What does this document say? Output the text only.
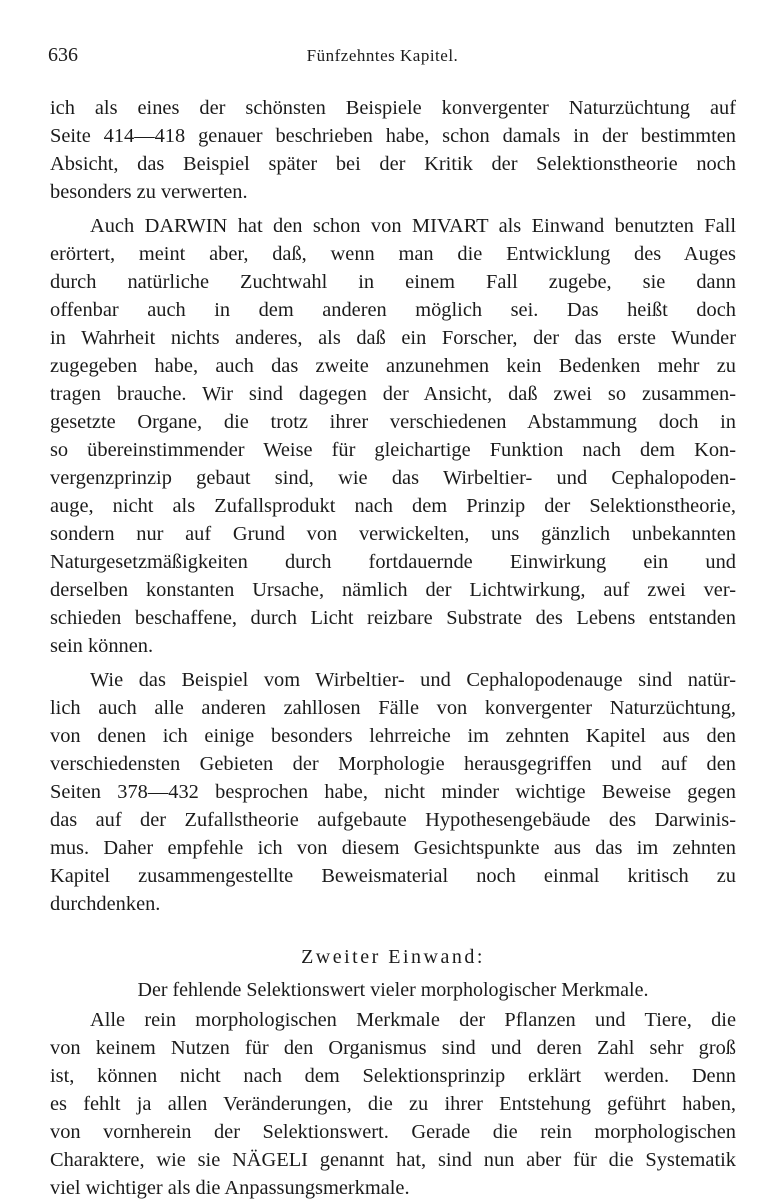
636	Fünfzehntes Kapitel.
ich als eines der schönsten Beispiele konvergenter Naturzüchtung auf
Seite 414—418 genauer beschrieben habe, schon damals in der bestimmten
Absicht, das Beispiel später bei der Kritik der Selektionstheorie noch
besonders zu verwerten.
Auch DARWIN hat den schon von MIVART als Einwand benutzten Fall
erörtert, meint aber, daß, wenn man die Entwicklung des Auges
durch natürliche Zuchtwahl in einem Fall zugebe, sie dann
offenbar auch in dem anderen möglich sei. Das heißt doch
in Wahrheit nichts anderes, als daß ein Forscher, der das erste Wunder
zugegeben habe, auch das zweite anzunehmen kein Bedenken mehr zu
tragen brauche. Wir sind dagegen der Ansicht, daß zwei so zusammen-
gesetzte Organe, die trotz ihrer verschiedenen Abstammung doch in
so übereinstimmender Weise für gleichartige Funktion nach dem Kon-
vergenzprinzip gebaut sind, wie das Wirbeltier- und Cephalopoden-
auge, nicht als Zufallsprodukt nach dem Prinzip der Selektionstheorie,
sondern nur auf Grund von verwickelten, uns gänzlich unbekannten
Naturgesetzmäßigkeiten durch fortdauernde Einwirkung ein und
derselben konstanten Ursache, nämlich der Lichtwirkung, auf zwei ver-
schieden beschaffene, durch Licht reizbare Substrate des Lebens entstanden
sein können.
Wie das Beispiel vom Wirbeltier- und Cephalopodenauge sind natür-
lich auch alle anderen zahllosen Fälle von konvergenter Naturzüchtung,
von denen ich einige besonders lehrreiche im zehnten Kapitel aus den
verschiedensten Gebieten der Morphologie herausgegriffen und auf den
Seiten 378—432 besprochen habe, nicht minder wichtige Beweise gegen
das auf der Zufallstheorie aufgebaute Hypothesengebäude des Darwinis-
mus. Daher empfehle ich von diesem Gesichtspunkte aus das im zehnten
Kapitel zusammengestellte Beweismaterial noch einmal kritisch zu
durchdenken.
Zweiter Einwand:
Der fehlende Selektionswert vieler morphologischer Merkmale.
Alle rein morphologischen Merkmale der Pflanzen und Tiere, die
von keinem Nutzen für den Organismus sind und deren Zahl sehr groß
ist, können nicht nach dem Selektionsprinzip erklärt werden. Denn
es fehlt ja allen Veränderungen, die zu ihrer Entstehung geführt haben,
von vornherein der Selektionswert. Gerade die rein morphologischen
Charaktere, wie sie NÄGELI genannt hat, sind nun aber für die Systematik
viel wichtiger als die Anpassungsmerkmale.
